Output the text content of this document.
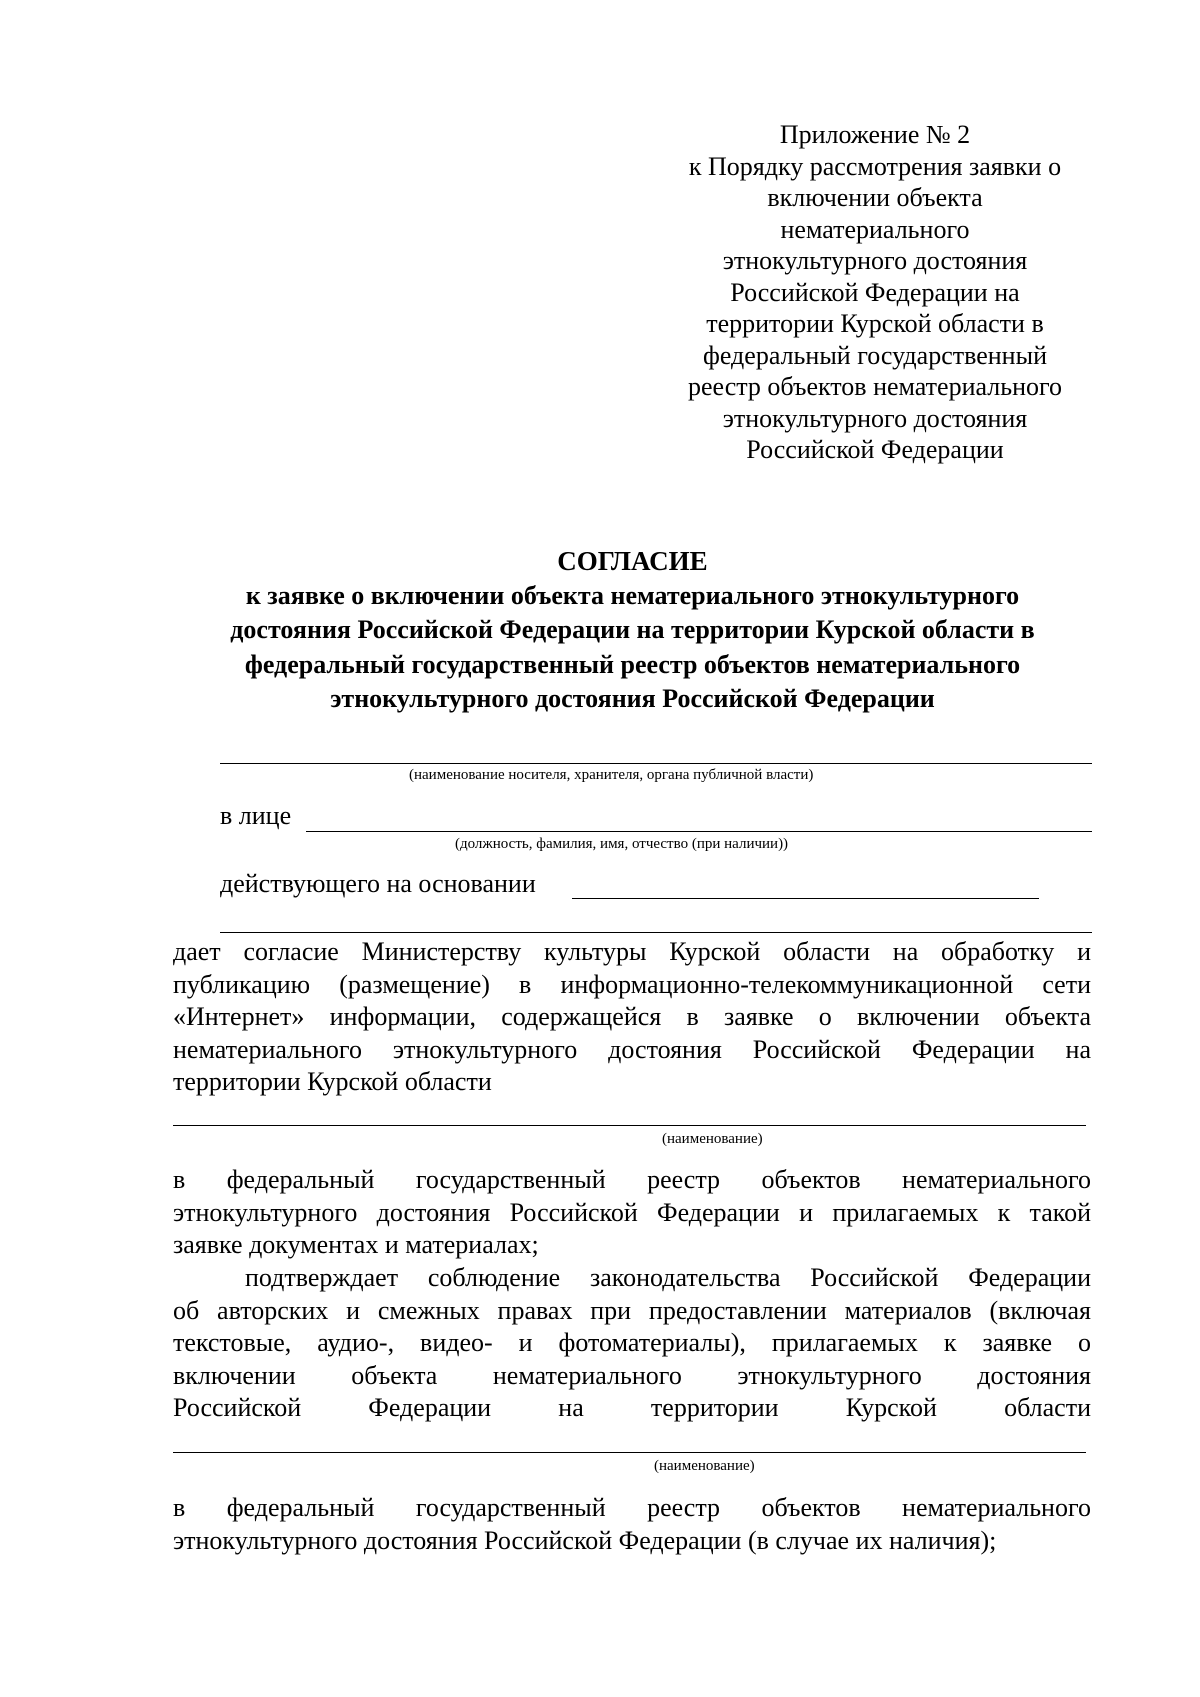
Приложение № 2
к Порядку рассмотрения заявки о
включении объекта
нематериального
этнокультурного достояния
Российской Федерации на
территории Курской области в
федеральный государственный
реестр объектов нематериального
этнокультурного достояния
Российской Федерации
СОГЛАСИЕ
к заявке о включении объекта нематериального этнокультурного
достояния Российской Федерации на территории Курской области в
федеральный государственный реестр объектов нематериального
этнокультурного достояния Российской Федерации
(наименование носителя, хранителя, органа публичной власти)
в лице
(должность, фамилия, имя, отчество (при наличии))
действующего на основании
дает согласие Министерству культуры Курской области на обработку и
публикацию (размещение) в информационно-телекоммуникационной сети
«Интернет» информации, содержащейся в заявке о включении объекта
нематериального этнокультурного достояния Российской Федерации на
территории Курской области
(наименование)
в федеральный государственный реестр объектов нематериального
этнокультурного достояния Российской Федерации и прилагаемых к такой
заявке документах и материалах;
подтверждает соблюдение законодательства Российской Федерации
об авторских и смежных правах при предоставлении материалов (включая
текстовые, аудио-, видео- и фотоматериалы), прилагаемых к заявке о
включении объекта нематериального этнокультурного достояния
Российской Федерации на территории Курской области
(наименование)
в федеральный государственный реестр объектов нематериального
этнокультурного достояния Российской Федерации (в случае их наличия);
